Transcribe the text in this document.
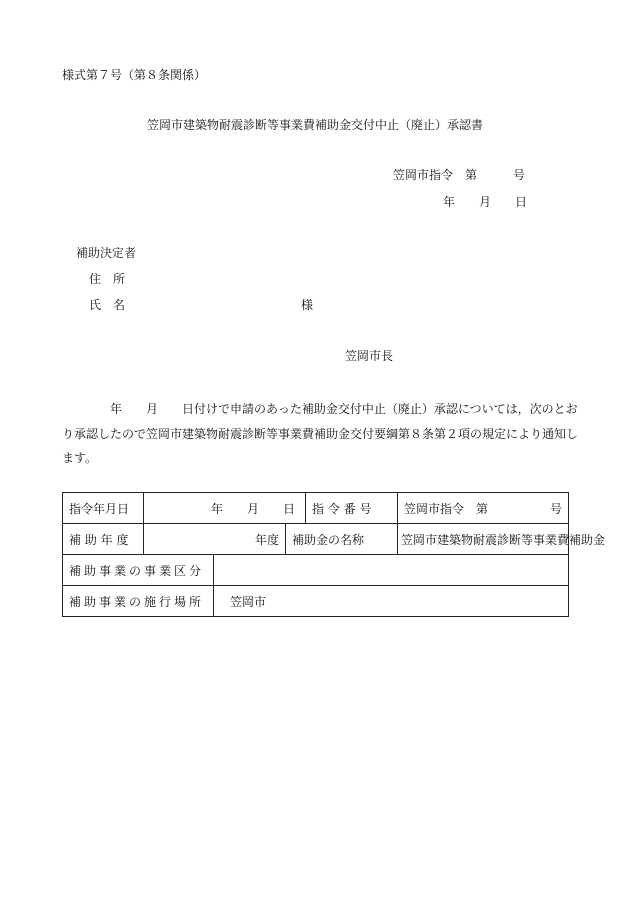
様式第７号（第８条関係）
笠岡市建築物耐震診断等事業費補助金交付中止（廃止）承認書
笠岡市指令　第　　　号
年　　月　　日
補助決定者
住　所
氏　名	様
笠岡市長
　　　　年　　月　　日付けで申請のあった補助金交付中止（廃止）承認については，次のとおり承認したので笠岡市建築物耐震診断等事業費補助金交付要綱第８条第２項の規定により通知します。
指令年月日	年　　月　　日			指 令 番 号	笠岡市指令　第 号

補 助 年 度	年度		補助金の名称		笠岡市建築物耐震診断等事業費補助金
補助事業の事業区分					
補助事業の施行場所		笠岡市			
